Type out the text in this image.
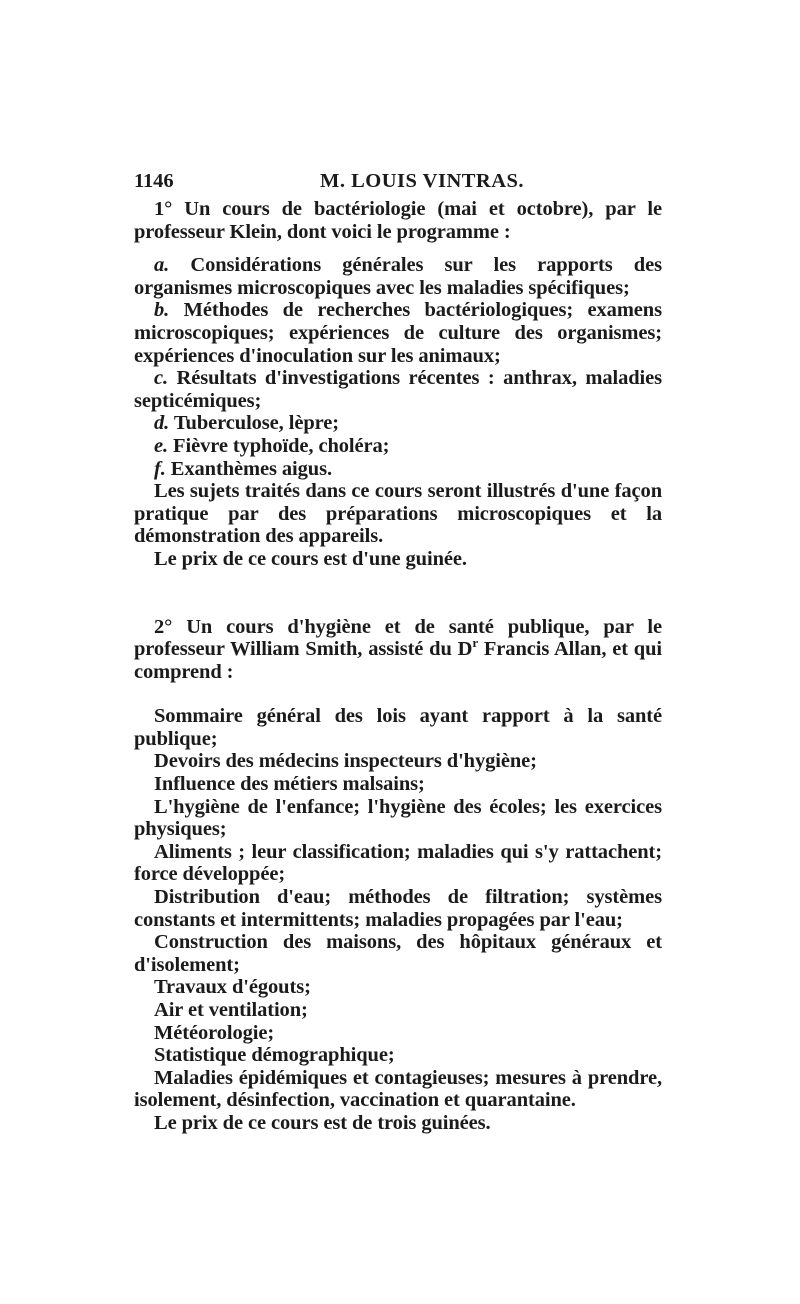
1146	M. LOUIS VINTRAS.

1° Un cours de bactériologie (mai et octobre), par le professeur Klein, dont voici le programme :

a. Considérations générales sur les rapports des organismes microscopiques avec les maladies spécifiques;

b. Méthodes de recherches bactériologiques; examens microscopiques; expériences de culture des organismes; expériences d'inoculation sur les animaux;

c. Résultats d'investigations récentes : anthrax, maladies septicémiques;

d. Tuberculose, lèpre;

e. Fièvre typhoïde, choléra;

f. Exanthèmes aigus.

Les sujets traités dans ce cours seront illustrés d'une façon pratique par des préparations microscopiques et la démonstration des appareils.

Le prix de ce cours est d'une guinée.

2° Un cours d'hygiène et de santé publique, par le professeur William Smith, assisté du $D^r$ Francis Allan, et qui comprend :

Sommaire général des lois ayant rapport à la santé publique;

Devoirs des médecins inspecteurs d'hygiène;

Influence des métiers malsains;

L'hygiène de l'enfance; l'hygiène des écoles; les exercices physiques;

Aliments ; leur classification; maladies qui s'y rattachent; force développée;

Distribution d'eau; méthodes de filtration; systèmes constants et intermittents; maladies propagées par l'eau;

Construction des maisons, des hôpitaux généraux et d'isolement;

Travaux d'égouts;

Air et ventilation;

Météorologie;

Statistique démographique;

Maladies épidémiques et contagieuses; mesures à prendre, isolement, désinfection, vaccination et quarantaine.

Le prix de ce cours est de trois guinées.
